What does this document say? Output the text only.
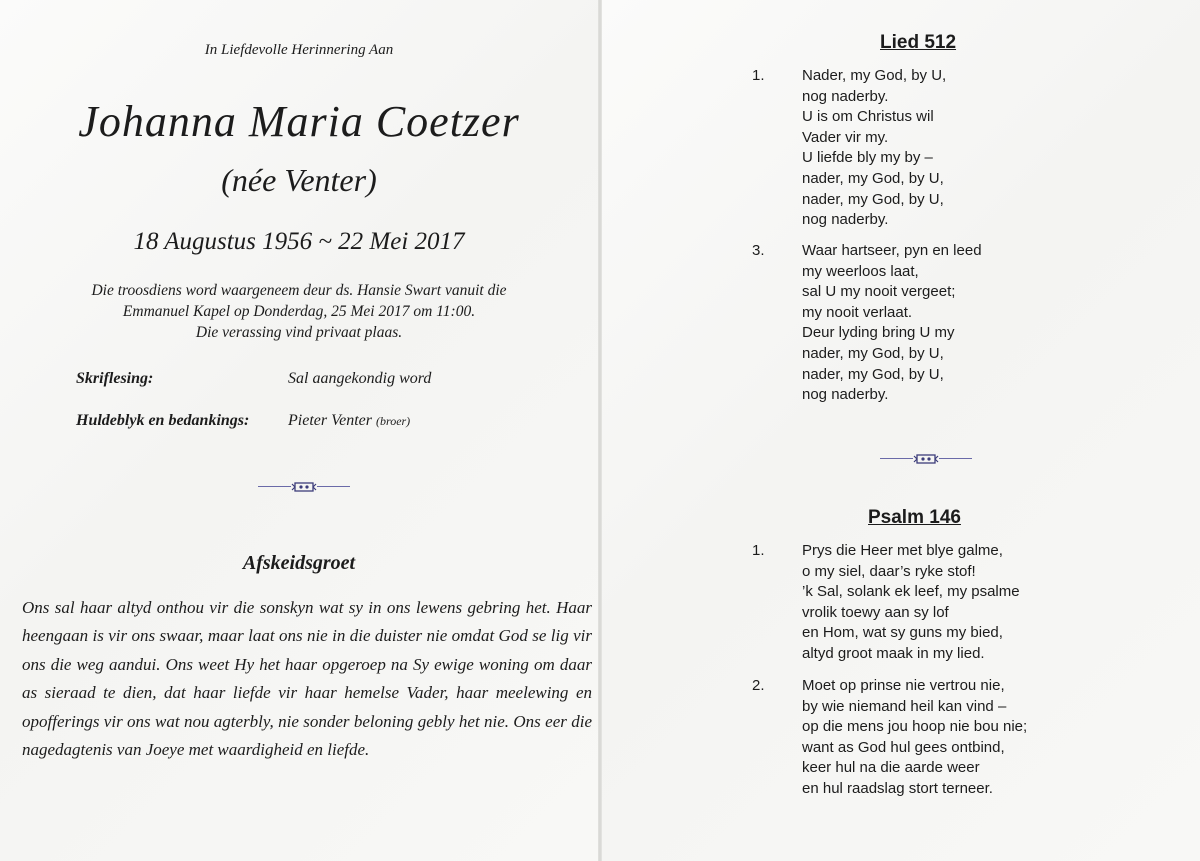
In Liefdevolle Herinnering Aan
Johanna Maria Coetzer
(née Venter)
18 Augustus 1956 ~ 22 Mei 2017
Die troosdiens word waargeneem deur ds. Hansie Swart vanuit die
Emmanuel Kapel op Donderdag, 25 Mei 2017 om 11:00.
Die verassing vind privaat plaas.
Skriflesing:	Sal aangekondig word
Huldeblyk en bedankings: Pieter Venter (broer)
Afskeidsgroet
Ons sal haar altyd onthou vir die sonskyn wat sy in ons lewens gebring het. Haar heengaan is vir ons swaar, maar laat ons nie in die duister nie omdat God se lig vir ons die weg aandui. Ons weet Hy het haar opgeroep na Sy ewige woning om daar as sieraad te dien, dat haar liefde vir haar hemelse Vader, haar meelewing en opofferings vir ons wat nou agterbly, nie sonder beloning gebly het nie. Ons eer die nagedagtenis van Joeye met waardigheid en liefde.
Lied 512
1. Nader, my God, by U,
nog naderby.
U is om Christus wil
Vader vir my.
U liefde bly my by –
nader, my God, by U,
nader, my God, by U,
nog naderby.
3. Waar hartseer, pyn en leed
my weerloos laat,
sal U my nooit vergeet;
my nooit verlaat.
Deur lyding bring U my
nader, my God, by U,
nader, my God, by U,
nog naderby.
Psalm 146
1. Prys die Heer met blye galme,
o my siel, daar’s ryke stof!
’k Sal, solank ek leef, my psalme
vrolik toewy aan sy lof
en Hom, wat sy guns my bied,
altyd groot maak in my lied.
2. Moet op prinse nie vertrou nie,
by wie niemand heil kan vind –
op die mens jou hoop nie bou nie;
want as God hul gees ontbind,
keer hul na die aarde weer
en hul raadslag stort terneer.
